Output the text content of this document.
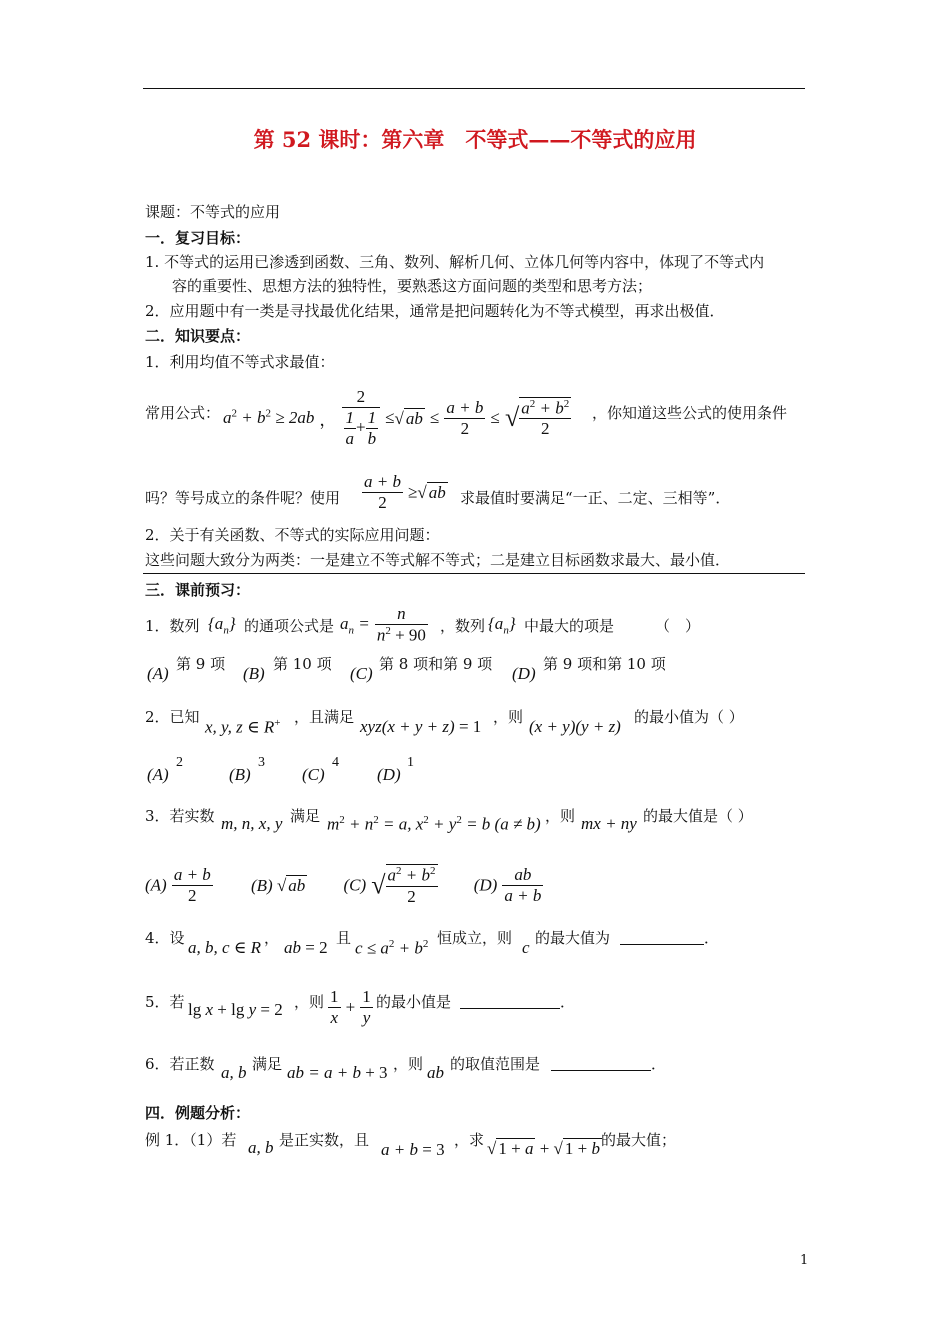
第 52 课时：第六章　不等式——不等式的应用
课题：不等式的应用
一．复习目标：
1. 不等式的运用已渗透到函数、三角、数列、解析几何、立体几何等内容中，体现了不等式内
容的重要性、思想方法的独特性，要熟悉这方面问题的类型和思考方法；
2．应用题中有一类是寻找最优化结果，通常是把问题转化为不等式模型，再求出极值．
二．知识要点：
1．利用均值不等式求最值：
常用公式： $a^2 + b^2 \ge 2ab$ ， $\frac{2}{\frac{1}{a} + \frac{1}{b}}$ ≤√ ab ≤ $\frac{a + b}{2}$ ≤ √ $\frac{a^2 + b^2}{2}$ ，你知道这些公式的使用条件
吗？等号成立的条件呢？使用 $\frac{a + b}{2}$ ≥√ ab 求最值时要满足“一正、二定、三相等”．
2．关于有关函数、不等式的实际应用问题：
这些问题大致分为两类：一是建立不等式解不等式；二是建立目标函数求最大、最小值．
三．课前预习：
1．数列 $\{a_n\}$ 的通项公式是 $a_n = \frac{n}{n^2 + 90}$ ，数列 $\{a_n\}$ 中最大的项是	（　）
(A) 第 9 项 (B) 第 10 项 (C) 第 8 项和第 9 项 (D) 第 9 项和第 10 项
2．已知
x, y, z ∈ R+ ，且满足 xyz(x + y + z) = 1 ，则 (x + y)(y + z) 的最小值为（ ）
(A)
2
(B)
3
(C)
4
(D)
1
3．若实数 m, n, x, y 满足 $m^2 + n^2 = a$, $x^2 + y^2 = b$ (a ≠ b) ，则 mx + ny 的最大值是（ ）
$(A) \frac{a + b}{2} (B)$ √ ab (C) √ $\frac{a^2 + b^2}{2} (D) \frac{ab}{a + b}$
4．设 a, b, c ∈ R ， ab = 2 且
$c \le a^2 + b^2$ 恒成立，则 c 的最大值为	．
5．若 lg x + lg y = 2 ，则 $\frac{1}{x} + \frac{1}{y}$ 的最小值是	．
6．若正数 a, b 满足 ab = a + b + 3 ，则 ab 的取值范围是	．
四．例题分析：
例 1．（1）若 a, b 是正实数，且 a + b = 3 ，求 √ 1 + a + √ 1 + b 的最大值；
1
